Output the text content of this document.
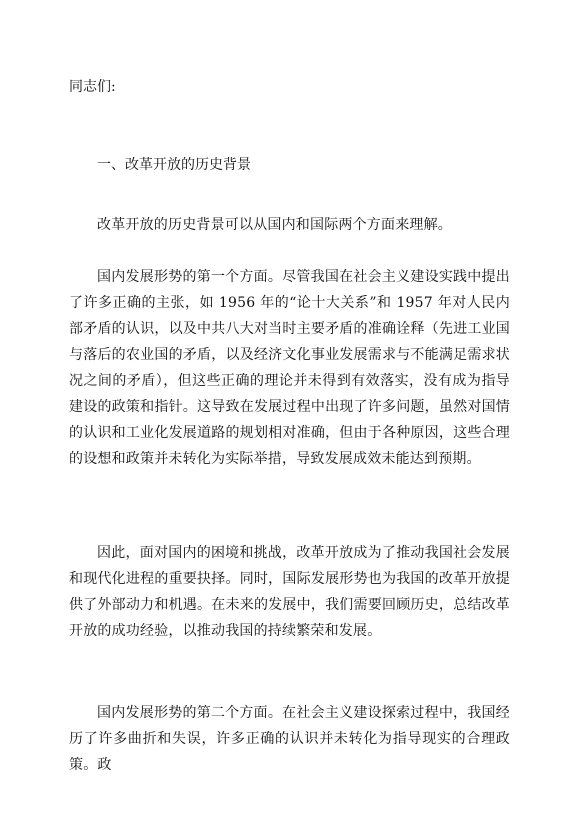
同志们:

一、改革开放的历史背景

改革开放的历史背景可以从国内和国际两个方面来理解。

国内发展形势的第一个方面。尽管我国在社会主义建设实践中提出了许多正确的主张，如 1956 年的“论十大关系”和 1957 年对人民内部矛盾的认识，以及中共八大对当时主要矛盾的准确诠释（先进工业国与落后的农业国的矛盾，以及经济文化事业发展需求与不能满足需求状况之间的矛盾），但这些正确的理论并未得到有效落实，没有成为指导建设的政策和指针。这导致在发展过程中出现了许多问题，虽然对国情的认识和工业化发展道路的规划相对准确，但由于各种原因，这些合理的设想和政策并未转化为实际举措，导致发展成效未能达到预期。

因此，面对国内的困境和挑战，改革开放成为了推动我国社会发展和现代化进程的重要抉择。同时，国际发展形势也为我国的改革开放提供了外部动力和机遇。在未来的发展中，我们需要回顾历史，总结改革开放的成功经验，以推动我国的持续繁荣和发展。

国内发展形势的第二个方面。在社会主义建设探索过程中，我国经历了许多曲折和失误，许多正确的认识并未转化为指导现实的合理政策。政
